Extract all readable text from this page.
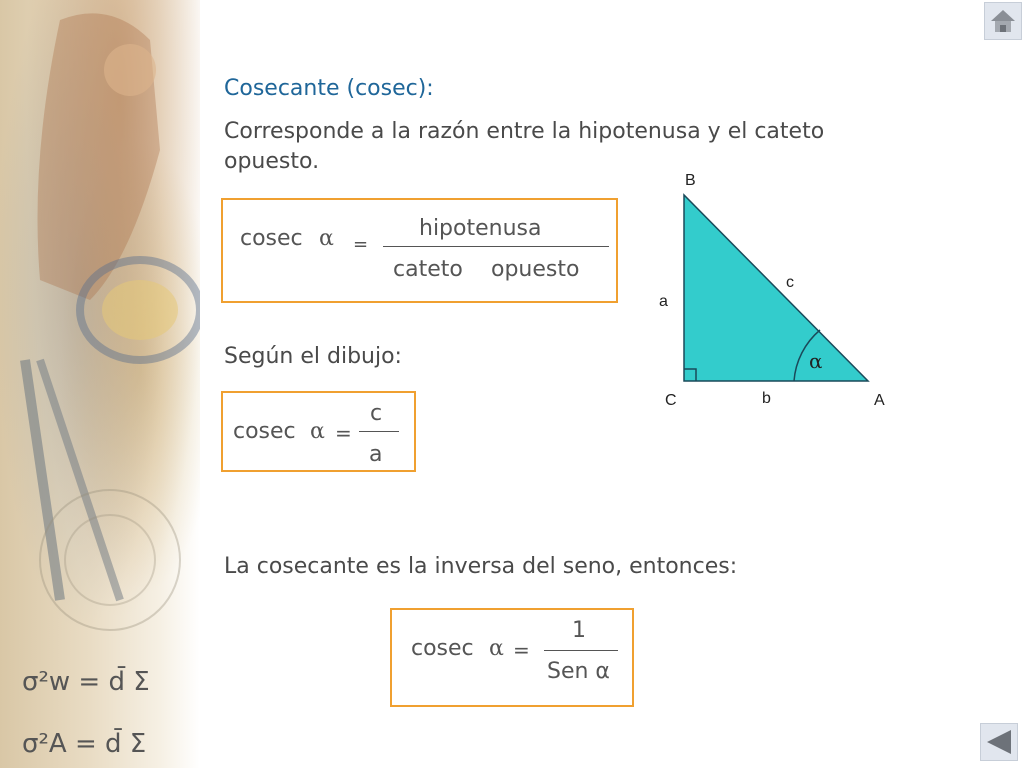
σ²w = d̄ Σ
σ²A = d̄ Σ
Cosecante (cosec):
Corresponde a la razón entre la hipotenusa y el cateto opuesto.
cosec α =
hipotenusa
cateto opuesto
B
c
a
α
C	b	A
Según el dibujo:
cosec α =
c
a
La cosecante es la inversa del seno, entonces:
cosec α =
1
Sen α
